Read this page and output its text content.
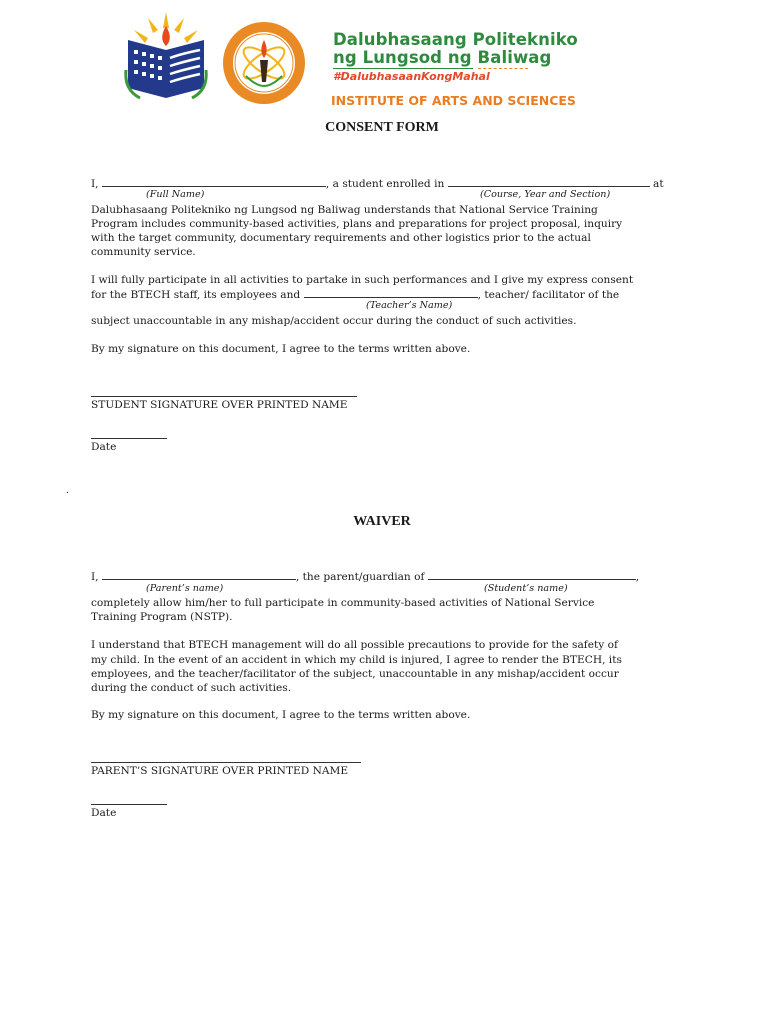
Dalubhasaang Politekniko
ng Lungsod ng Baliwag
#DalubhasaanKongMahal
INSTITUTE OF ARTS AND SCIENCES
CONSENT FORM
I,	, a student enrolled in	at
(Full Name)	(Course, Year and Section)
Dalubhasaang Politekniko ng Lungsod ng Baliwag understands that National Service Training
Program includes community-based activities, plans and preparations for project proposal, inquiry
with the target community, documentary requirements and other logistics prior to the actual
community service.
I will fully participate in all activities to partake in such performances and I give my express consent
for the BTECH staff, its employees and	, teacher/ facilitator of the
(Teacher’s Name)
subject unaccountable in any mishap/accident occur during the conduct of such activities.
By my signature on this document, I agree to the terms written above.
STUDENT SIGNATURE OVER PRINTED NAME
Date
.
WAIVER
I,	, the parent/guardian of	,
(Parent’s name)	(Student’s name)
completely allow him/her to full participate in community-based activities of National Service
Training Program (NSTP).
I understand that BTECH management will do all possible precautions to provide for the safety of
my child. In the event of an accident in which my child is injured, I agree to render the BTECH, its
employees, and the teacher/facilitator of the subject, unaccountable in any mishap/accident occur
during the conduct of such activities.
By my signature on this document, I agree to the terms written above.
PARENT’S SIGNATURE OVER PRINTED NAME
Date
